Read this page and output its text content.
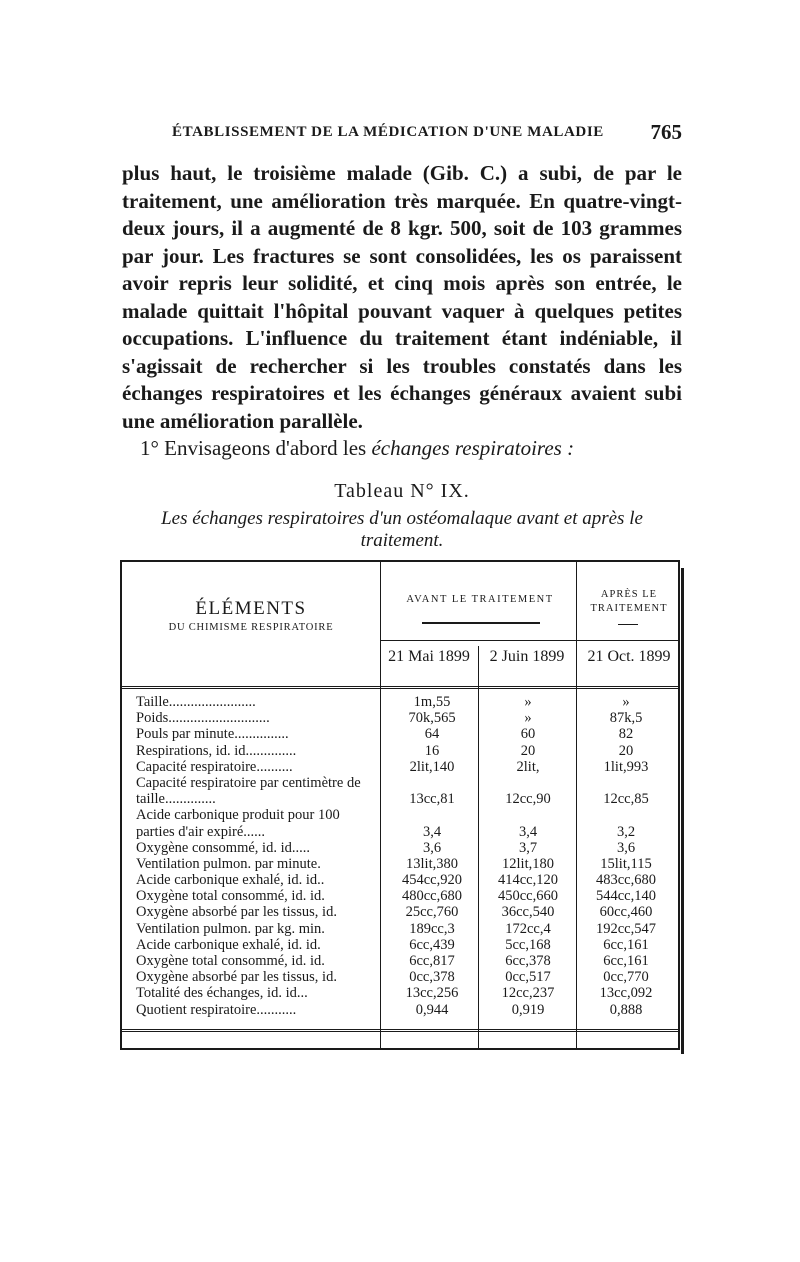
ÉTABLISSEMENT DE LA MÉDICATION D'UNE MALADIE 765

plus haut, le troisième malade (Gib. C.) a subi, de par le traitement, une amélioration très marquée. En quatre-vingt-deux jours, il a augmenté de 8 kgr. 500, soit de 103 grammes par jour. Les fractures se sont consolidées, les os paraissent avoir repris leur solidité, et cinq mois après son entrée, le malade quittait l'hôpital pouvant vaquer à quelques petites occupations. L'influence du traitement étant indéniable, il s'agissait de rechercher si les troubles constatés dans les échanges respiratoires et les échanges généraux avaient subi une amélioration parallèle.

1° Envisageons d'abord les échanges respiratoires :

Tableau N° IX.
Les échanges respiratoires d'un ostéomalaque avant et après le traitement.
ÉLÉMENTS
DU CHIMISME RESPIRATOIRE
AVANT LE TRAITEMENT	APRÈS LE TRAITEMENT
21 Mai 1899	2 Juin 1899	21 Oct. 1899
Taille........................	1m,55	»	»
Poids............................	70k,565	»	87k,5
Pouls par minute...............	64	60	82
Respirations, id. id..............	16	20	20
Capacité respiratoire..........	2lit,140	2lit,	1lit,993
Capacité respiratoire par centimètre de taille..............	13cc,81	12cc,90	12cc,85
Acide carbonique produit pour 100 parties d'air expiré......	3,4	3,4	3,2
Oxygène consommé, id. id.....	3,6	3,7	3,6
Ventilation pulmon. par minute.	13lit,380	12lit,180	15lit,115
Acide carbonique exhalé, id. id..	454cc,920	414cc,120	483cc,680
Oxygène total consommé, id. id.	480cc,680	450cc,660	544cc,140
Oxygène absorbé par les tissus, id.	25cc,760	36cc,540	60cc,460
Ventilation pulmon. par kg. min.	189cc,3	172cc,4	192cc,547
Acide carbonique exhalé, id. id.	6cc,439	5cc,168	6cc,161
Oxygène total consommé, id. id.	6cc,817	6cc,378	6cc,161
Oxygène absorbé par les tissus, id.	0cc,378	0cc,517	0cc,770
Totalité des échanges, id. id...	13cc,256	12cc,237	13cc,092
Quotient respiratoire...........	0,944	0,919	0,888
